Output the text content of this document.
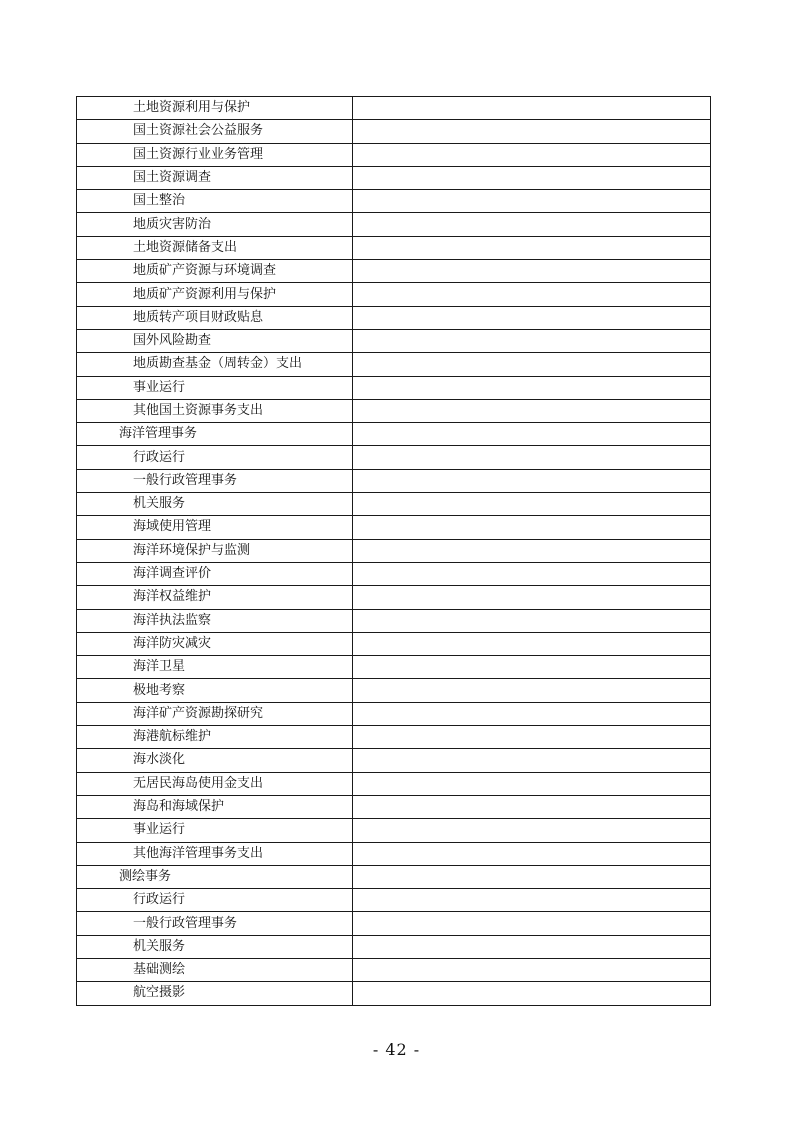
土地资源利用与保护	
国土资源社会公益服务	
国土资源行业业务管理	
国土资源调查	
国土整治	
地质灾害防治	
土地资源储备支出	
地质矿产资源与环境调查	
地质矿产资源利用与保护	
地质转产项目财政贴息	
国外风险勘查	
地质勘查基金（周转金）支出	
事业运行	
其他国土资源事务支出	
海洋管理事务	
行政运行	
一般行政管理事务	
机关服务	
海域使用管理	
海洋环境保护与监测	
海洋调查评价	
海洋权益维护	
海洋执法监察	
海洋防灾减灾	
海洋卫星	
极地考察	
海洋矿产资源勘探研究	
海港航标维护	
海水淡化	
无居民海岛使用金支出	
海岛和海域保护	
事业运行	
其他海洋管理事务支出	
测绘事务	
行政运行	
一般行政管理事务	
机关服务	
基础测绘	
航空摄影	
- 42 -
